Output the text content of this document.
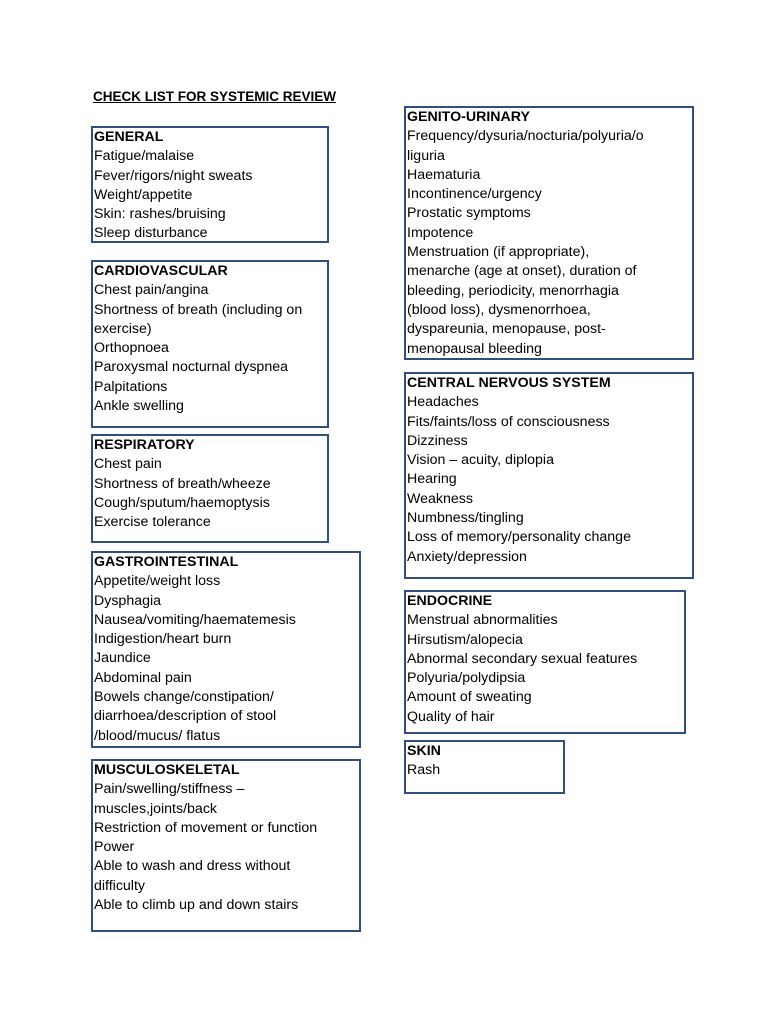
CHECK LIST FOR SYSTEMIC REVIEW
GENERAL
Fatigue/malaise
Fever/rigors/night sweats
Weight/appetite
Skin: rashes/bruising
Sleep disturbance
CARDIOVASCULAR
Chest pain/angina
Shortness of breath (including on
exercise)
Orthopnoea
Paroxysmal nocturnal dyspnea
Palpitations
Ankle swelling
RESPIRATORY
Chest pain
Shortness of breath/wheeze
Cough/sputum/haemoptysis
Exercise tolerance
GASTROINTESTINAL
Appetite/weight loss
Dysphagia
Nausea/vomiting/haematemesis
Indigestion/heart burn
Jaundice
Abdominal pain
Bowels change/constipation/
diarrhoea/description of stool
/blood/mucus/ flatus
MUSCULOSKELETAL
Pain/swelling/stiffness –
muscles,joints/back
Restriction of movement or function
Power
Able to wash and dress without
difficulty
Able to climb up and down stairs
GENITO-URINARY
Frequency/dysuria/nocturia/polyuria/o
liguria
Haematuria
Incontinence/urgency
Prostatic symptoms
Impotence
Menstruation (if appropriate),
menarche (age at onset), duration of
bleeding, periodicity, menorrhagia
(blood loss), dysmenorrhoea,
dyspareunia, menopause, post-
menopausal bleeding
CENTRAL NERVOUS SYSTEM
Headaches
Fits/faints/loss of consciousness
Dizziness
Vision – acuity, diplopia
Hearing
Weakness
Numbness/tingling
Loss of memory/personality change
Anxiety/depression
ENDOCRINE
Menstrual abnormalities
Hirsutism/alopecia
Abnormal secondary sexual features
Polyuria/polydipsia
Amount of sweating
Quality of hair
SKIN
Rash
